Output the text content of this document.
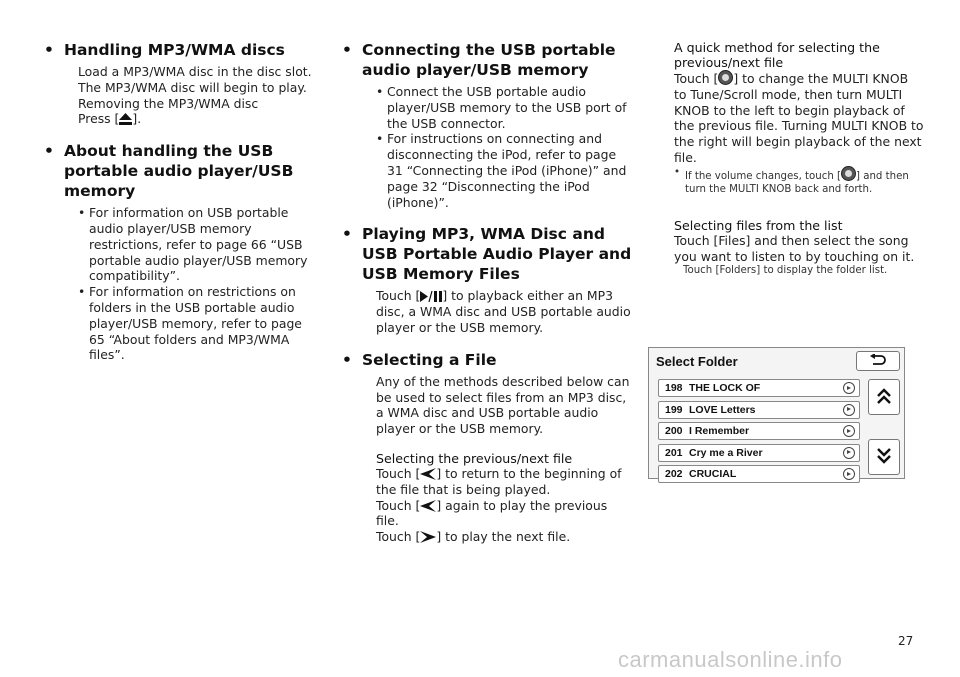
• Handling MP3/WMA discs

Load a MP3/WMA disc in the disc slot.

The MP3/WMA disc will begin to play.

Removing the MP3/WMA disc

Press [ ].

• About handling the USB portable audio player/USB memory
• For information on USB portable audio player/USB memory restrictions, refer to page 66 “USB portable audio player/USB memory compatibility”.
• For information on restrictions on folders in the USB portable audio player/USB memory, refer to page 65 “About folders and MP3/WMA files”.
• Connecting the USB portable audio player/USB memory
• Connect the USB portable audio player/USB memory to the USB port of the USB connector.
• For instructions on connecting and disconnecting the iPod, refer to page 31 “Connecting the iPod (iPhone)” and page 32 “Disconnecting the iPod (iPhone)”.
• Playing MP3, WMA Disc and USB Portable Audio Player and USB Memory Files

Touch [ ] to playback either an MP3 disc, a WMA disc and USB portable audio player or the USB memory.

• Selecting a File

Any of the methods described below can be used to select files from an MP3 disc, a WMA disc and USB portable audio player or the USB memory.

Selecting the previous/next file

Touch [ ] to return to the beginning of the file that is being played.

Touch [ ] again to play the previous file.

Touch [ ] to play the next file.

A quick method for selecting the previous/next file

Touch [ ] to change the MULTI KNOB to Tune/Scroll mode, then turn MULTI KNOB to the left to begin playback of the previous file. Turning MULTI KNOB to the right will begin playback of the next file.

• If the volume changes, touch [ ] and then turn the MULTI KNOB back and forth.

Selecting files from the list

Touch [Files] and then select the song you want to listen to by touching on it.

Touch [Folders] to display the folder list.

Select Folder
198 THE LOCK OF
199 LOVE Letters
200 I Remember
201 Cry me a River
202 CRUCIAL
27
carmanualsonline.info
